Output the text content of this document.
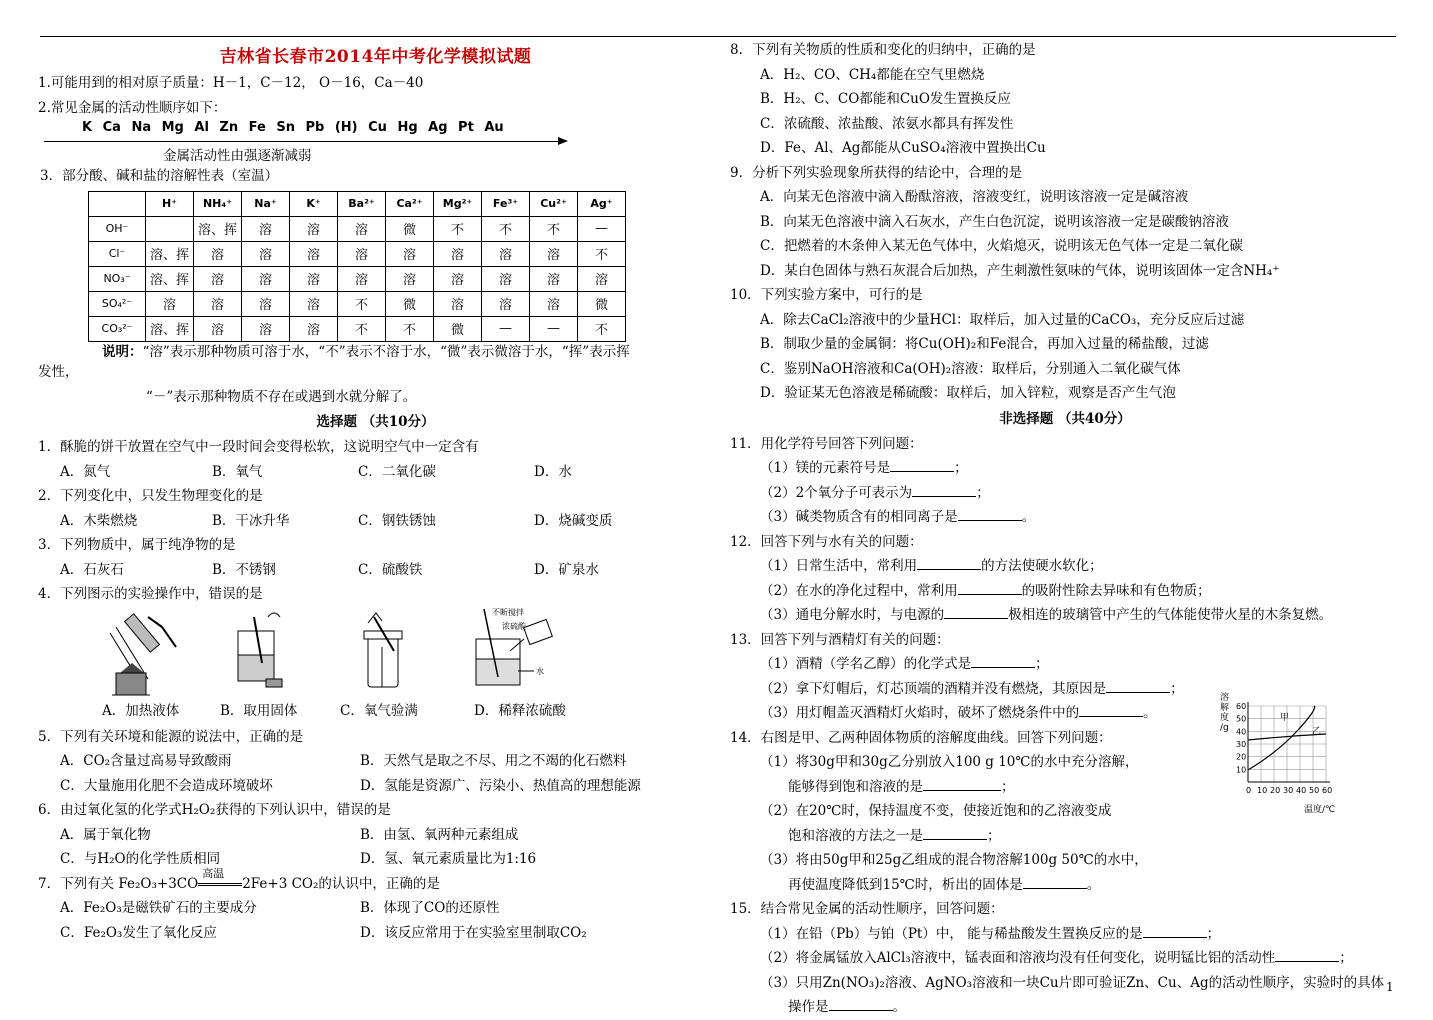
吉林省长春市2014年中考化学模拟试题
1.可能用到的相对原子质量：H－1，C－12， O－16，Ca－40
2.常见金属的活动性顺序如下：
K Ca Na Mg Al Zn Fe Sn Pb (H) Cu Hg Ag Pt Au
金属活动性由强逐渐减弱
3．部分酸、碱和盐的溶解性表（室温）
	H⁺	NH₄⁺	Na⁺	K⁺	Ba²⁺	Ca²⁺	Mg²⁺	Fe³⁺	Cu²⁺	Ag⁺
OH⁻		溶、挥	溶	溶	溶	微	不	不	不	—
Cl⁻	溶、挥	溶	溶	溶	溶	溶	溶	溶	溶	不
NO₃⁻	溶、挥	溶	溶	溶	溶	溶	溶	溶	溶	溶
SO₄²⁻	溶	溶	溶	溶	不	微	溶	溶	溶	微
CO₃²⁻	溶、挥	溶	溶	溶	不	不	微	—	—	不
说明：“溶”表示那种物质可溶于水，“不”表示不溶于水，“微”表示微溶于水，“挥”表示挥
发性，
“－”表示那种物质不存在或遇到水就分解了。
选择题 （共10分）
1．酥脆的饼干放置在空气中一段时间会变得松软，这说明空气中一定含有
A．氮气	B．氧气	C．二氧化碳	D．水
2．下列变化中，只发生物理变化的是
A．木柴燃烧	B．干冰升华	C．钢铁锈蚀	D．烧碱变质
3．下列物质中，属于纯净物的是
A．石灰石	B．不锈钢	C．硫酸铁	D．矿泉水
4．下列图示的实验操作中，错误的是
不断搅拌
浓硫酸
水
A．加热液体	B．取用固体	C．氧气验满	D．稀释浓硫酸
5．下列有关环境和能源的说法中，正确的是
A．CO₂含量过高易导致酸雨	B．天然气是取之不尽、用之不竭的化石燃料
C．大量施用化肥不会造成环境破坏	D．氢能是资源广、污染小、热值高的理想能源
6．由过氧化氢的化学式H₂O₂获得的下列认识中，错误的是
A．属于氧化物	B．由氢、氧两种元素组成
C．与H₂O的化学性质相同	D．氢、氧元素质量比为1:16
7．下列有关 Fe₂O₃+3CO
高温
2Fe+3 CO₂的认识中，正确的是
A．Fe₂O₃是磁铁矿石的主要成分	B．体现了CO的还原性
C．Fe₂O₃发生了氧化反应	D．该反应常用于在实验室里制取CO₂
8．下列有关物质的性质和变化的归纳中，正确的是
A．H₂、CO、CH₄都能在空气里燃烧
B．H₂、C、CO都能和CuO发生置换反应
C．浓硫酸、浓盐酸、浓氨水都具有挥发性
D．Fe、Al、Ag都能从CuSO₄溶液中置换出Cu
9．分析下列实验现象所获得的结论中，合理的是
A．向某无色溶液中滴入酚酞溶液，溶液变红，说明该溶液一定是碱溶液
B．向某无色溶液中滴入石灰水，产生白色沉淀，说明该溶液一定是碳酸钠溶液
C．把燃着的木条伸入某无色气体中，火焰熄灭，说明该无色气体一定是二氧化碳
D．某白色固体与熟石灰混合后加热，产生刺激性氨味的气体，说明该固体一定含NH₄⁺
10．下列实验方案中，可行的是
A．除去CaCl₂溶液中的少量HCl：取样后，加入过量的CaCO₃，充分反应后过滤
B．制取少量的金属铜：将Cu(OH)₂和Fe混合，再加入过量的稀盐酸，过滤
C．鉴别NaOH溶液和Ca(OH)₂溶液：取样后，分别通入二氧化碳气体
D．验证某无色溶液是稀硫酸：取样后，加入锌粒，观察是否产生气泡
非选择题 （共40分）
11．用化学符号回答下列问题：
（1）镁的元素符号是	；
（2）2个氧分子可表示为	；
（3）碱类物质含有的相同离子是	。
12．回答下列与水有关的问题：
（1）日常生活中，常利用	的方法使硬水软化；
（2）在水的净化过程中，常利用	的吸附性除去异味和有色物质；
（3）通电分解水时，与电源的	极相连的玻璃管中产生的气体能使带火星的木条复燃。
13．回答下列与酒精灯有关的问题：
（1）酒精（学名乙醇）的化学式是	；
（2）拿下灯帽后，灯芯顶端的酒精并没有燃烧，其原因是	；
（3）用灯帽盖灭酒精灯火焰时，破坏了燃烧条件中的	。
14．右图是甲、乙两种固体物质的溶解度曲线。回答下列问题：
（1）将30g甲和30g乙分别放入100 g 10℃的水中充分溶解，
能够得到饱和溶液的是	；
（2）在20℃时，保持温度不变，使接近饱和的乙溶液变成
饱和溶液的方法之一是	；
（3）将由50g甲和25g乙组成的混合物溶解100g 50℃的水中，
再使温度降低到15℃时，析出的固体是	。
15．结合常见金属的活动性顺序，回答问题：
（1）在铅（Pb）与铂（Pt）中， 能与稀盐酸发生置换反应的是	；
（2）将金属锰放入AlCl₃溶液中，锰表面和溶液均没有任何变化，说明锰比铝的活动性	；
（3）只用Zn(NO₃)₂溶液、AgNO₃溶液和一块Cu片即可验证Zn、Cu、Ag的活动性顺序，实验时的具体
操作是	。
溶
解
度
/g
60
50
40
30
20
10
0 10 20 30 40 50 60
甲
乙
温度/℃
1
